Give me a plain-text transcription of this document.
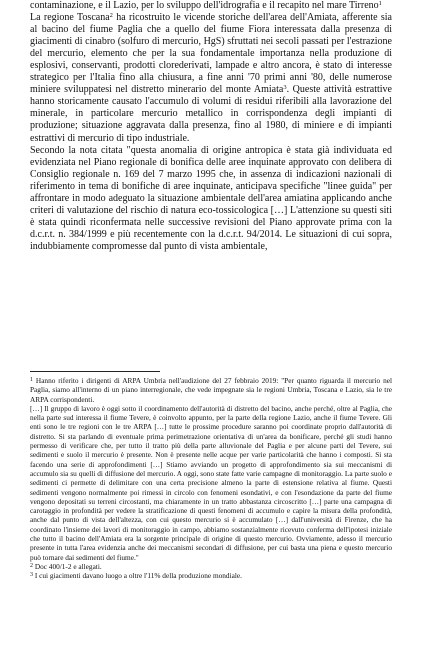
contaminazione, e il Lazio, per lo sviluppo dell'idrografia e il recapito nel mare Tirreno$^1$

La regione Toscana$^2$ ha ricostruito le vicende storiche dell'area dell'Amiata, afferente sia al bacino del fiume Paglia che a quello del fiume Fiora interessata dalla presenza di giacimenti di cinabro (solfuro di mercurio, HgS) sfruttati nei secoli passati per l'estrazione del mercurio, elemento che per la sua fondamentale importanza nella produzione di esplosivi, conservanti, prodotti clorederivati, lampade e altro ancora, è stato di interesse strategico per l'Italia fino alla chiusura, a fine anni '70 primi anni '80, delle numerose miniere sviluppatesi nel distretto minerario del monte Amiata$^3$. Queste attività estrattive hanno storicamente causato l'accumulo di volumi di residui riferibili alla lavorazione del minerale, in particolare mercurio metallico in corrispondenza degli impianti di produzione; situazione aggravata dalla presenza, fino al 1980, di miniere e di impianti estrattivi di mercurio di tipo industriale.

Secondo la nota citata "questa anomalia di origine antropica è stata già individuata ed evidenziata nel Piano regionale di bonifica delle aree inquinate approvato con delibera di Consiglio regionale n. 169 del 7 marzo 1995 che, in assenza di indicazioni nazionali di riferimento in tema di bonifiche di aree inquinate, anticipava specifiche "linee guida" per affrontare in modo adeguato la situazione ambientale dell'area amiatina applicando anche criteri di valutazione del rischio di natura eco-tossicologica […] L'attenzione su questi siti è stata quindi riconfermata nelle successive revisioni del Piano approvate prima con la d.c.r.t. n. 384/1999 e più recentemente con la d.c.r.t. 94/2014. Le situazioni di cui sopra, indubbiamente compromesse dal punto di vista ambientale,

$^1$ Hanno riferito i dirigenti di ARPA Umbria nell'audizione del 27 febbraio 2019: "Per quanto riguarda il mercurio nel Paglia, siamo all'interno di un piano interregionale, che vede impegnate sia le regioni Umbria, Toscana e Lazio, sia le tre ARPA corrispondenti.

[…] Il gruppo di lavoro è oggi sotto il coordinamento dell'autorità di distretto del bacino, anche perché, oltre al Paglia, che nella parte sud interessa il fiume Tevere, è coinvolto appunto, per la parte della regione Lazio, anche il fiume Tevere. Gli enti sono le tre regioni con le tre ARPA […] tutte le prossime procedure saranno poi coordinate proprio dall'autorità di distretto. Si sta parlando di eventuale prima perimetrazione orientativa di un'area da bonificare, perché gli studi hanno permesso di verificare che, per tutto il tratto più della parte alluvionale del Paglia e per alcune parti del Tevere, sui sedimenti e suolo il mercurio è presente. Non è presente nelle acque per varie particolarità che hanno i composti. Si sta facendo una serie di approfondimenti […] Stiamo avviando un progetto di approfondimento sia sui meccanismi di accumulo sia su quelli di diffusione del mercurio. A oggi, sono state fatte varie campagne di monitoraggio. La parte suolo e sedimenti ci permette di delimitare con una certa precisione almeno la parte di estensione relativa al fiume. Questi sedimenti vengono normalmente poi rimessi in circolo con fenomeni esondativi, e con l'esondazione da parte del fiume vengono depositati su terreni circostanti, ma chiaramente in un tratto abbastanza circoscritto […] parte una campagna di carotaggio in profondità per vedere la stratificazione di questi fenomeni di accumulo e capire la misura della profondità, anche dal punto di vista dell'altezza, con cui questo mercurio si è accumulato […] dall'università di Firenze, che ha coordinato l'insieme dei lavori di monitoraggio in campo, abbiamo sostanzialmente ricevuto conferma dell'ipotesi iniziale che tutto il bacino dell'Amiata era la sorgente principale di origine di questo mercurio. Ovviamente, adesso il mercurio presente in tutta l'area evidenzia anche dei meccanismi secondari di diffusione, per cui basta una piena e questo mercurio può tornare dai sedimenti del fiume."

$^2$ Doc 400/1-2 e allegati.

$^3$ I cui giacimenti davano luogo a oltre l'11% della produzione mondiale.
